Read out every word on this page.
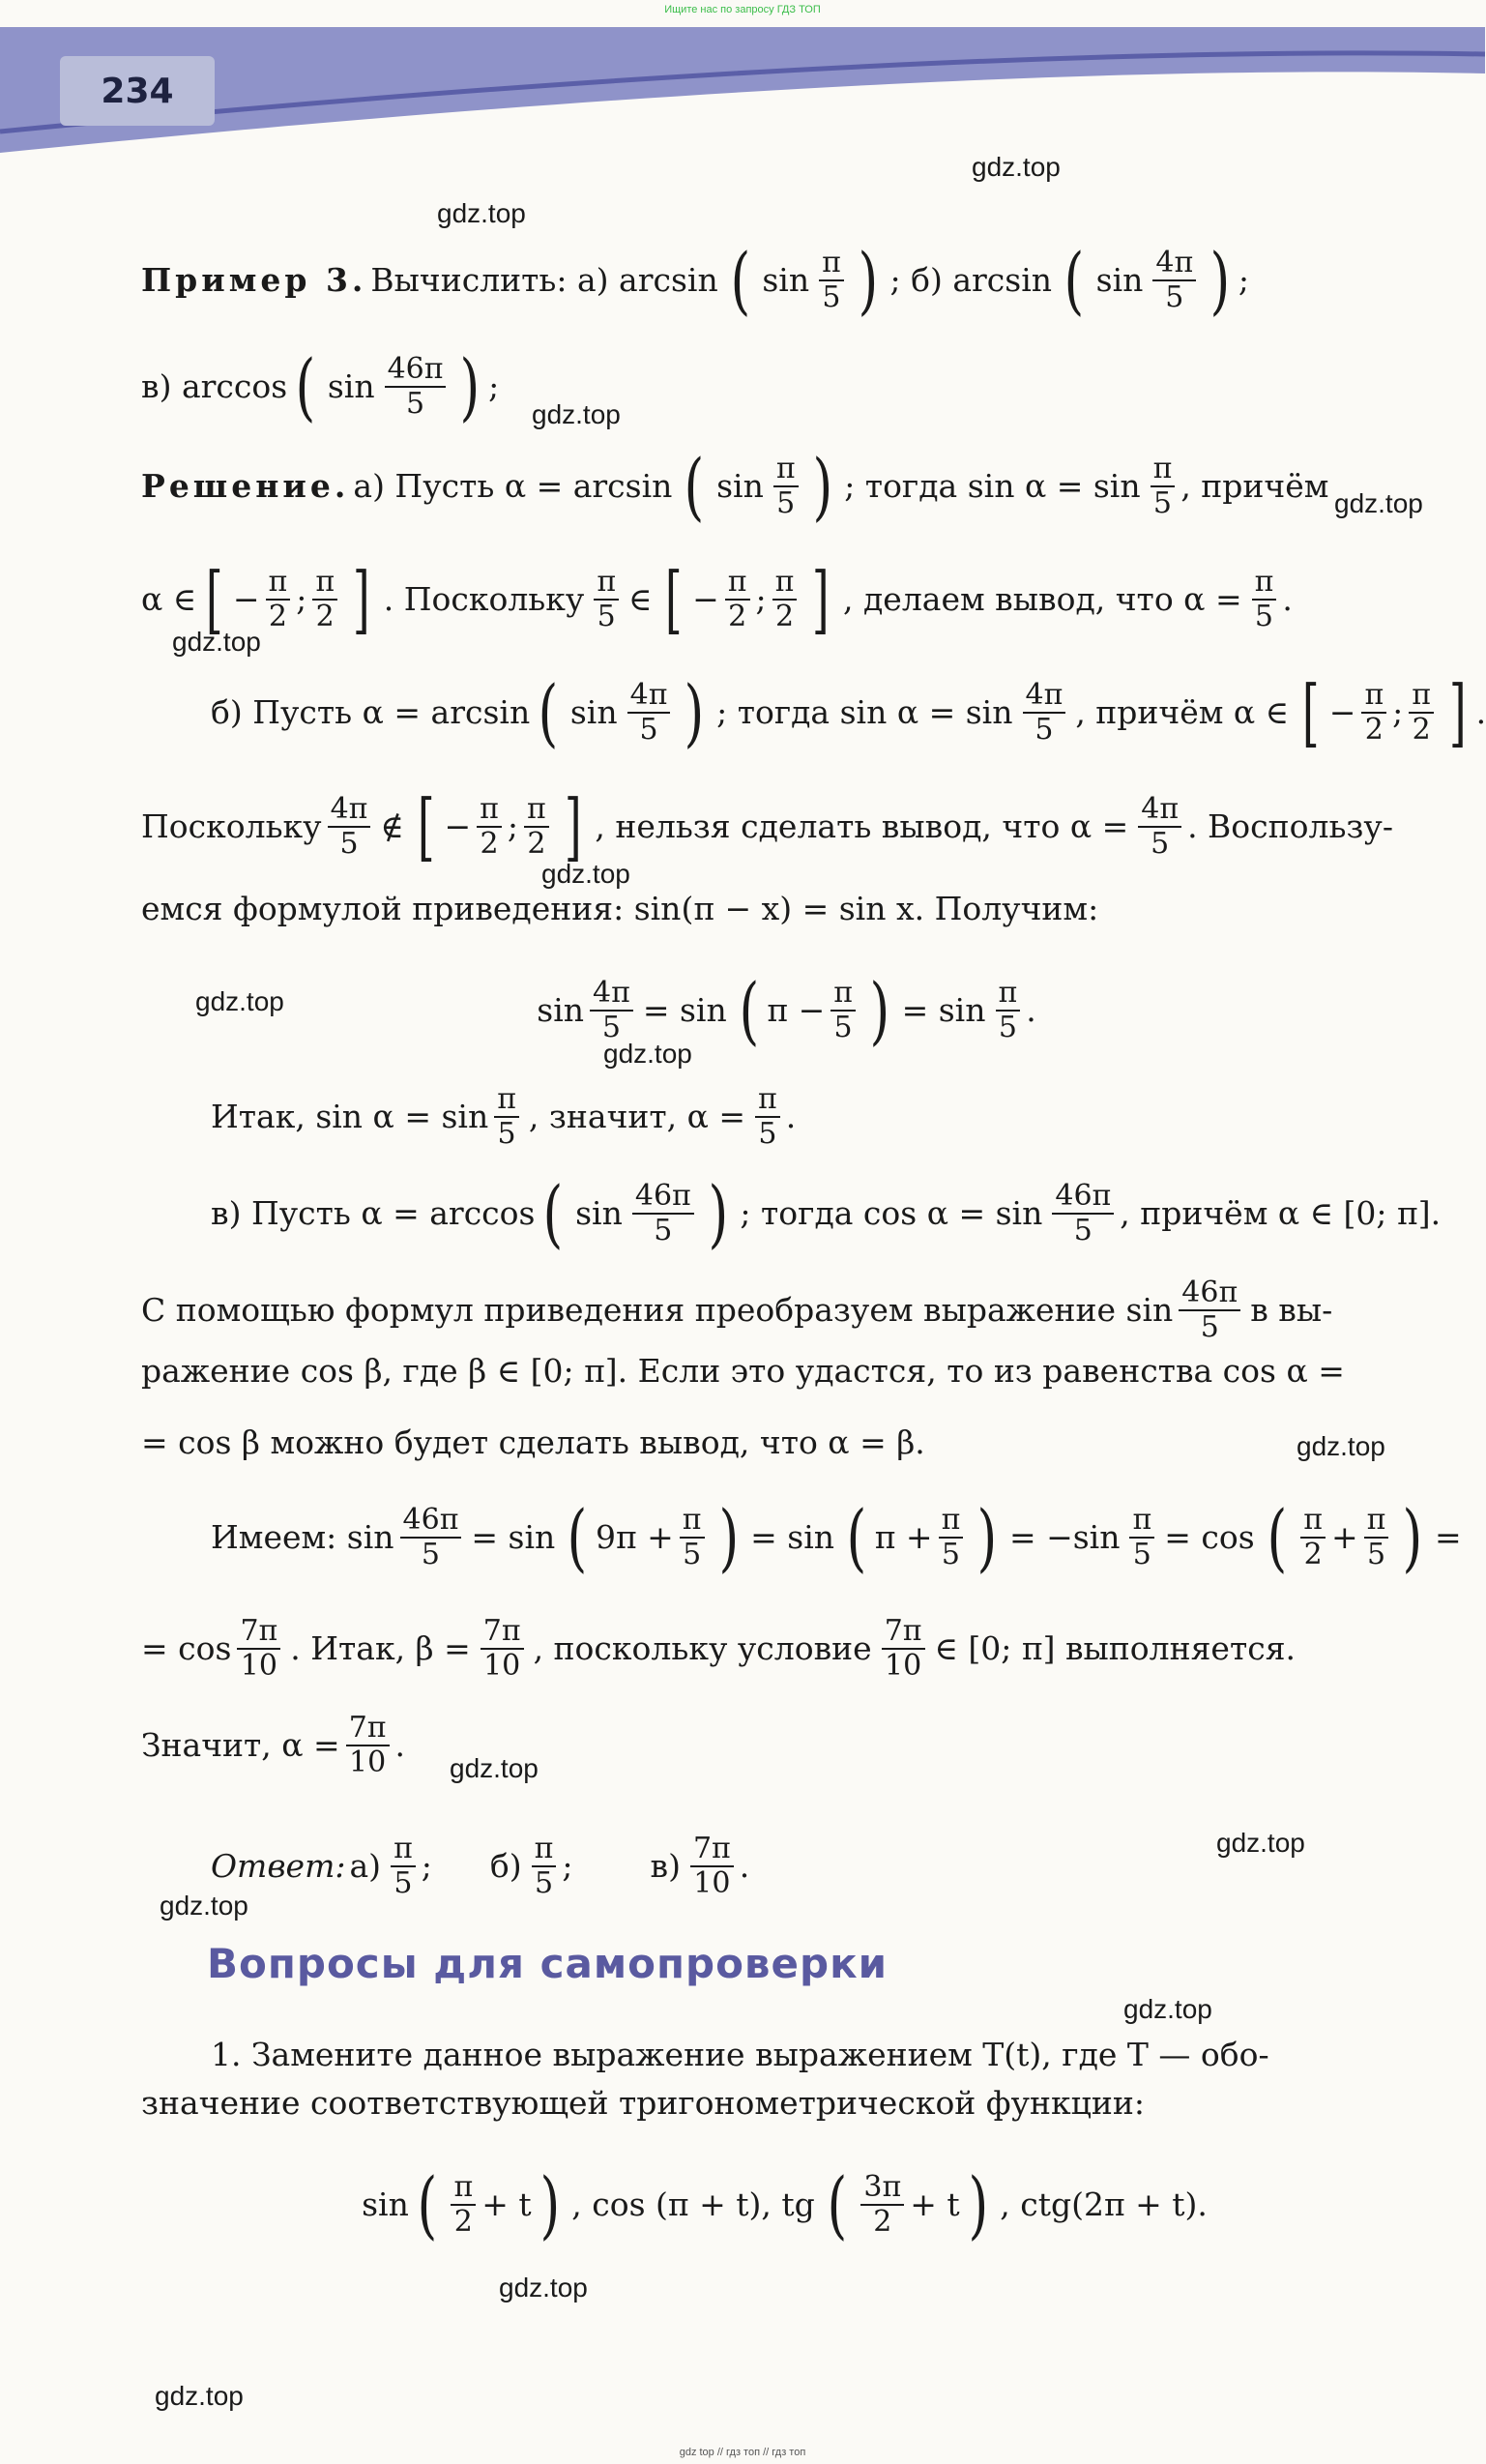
Ищите нас по запросу ГДЗ ТОП
234
Пример 3. Вычислить: а) arcsin ( $\sin \frac{\pi}{5}$ ) ; б) arcsin ( $\sin \frac{4\pi}{5}$ ) ;
в) arccos ( $\sin \frac{46\pi}{5}$ ) ;
Решение. а) Пусть α = arcsin ( $\sin \frac{\pi}{5}$ ) ; тогда $\sin \alpha = \sin \frac{\pi}{5}$ , причём
α ∈ [ − $\frac{\pi}{2}$ ; $\frac{\pi}{2}$ ] . Поскольку $\frac{\pi}{5}$ ∈ [ − $\frac{\pi}{2}$ ; $\frac{\pi}{2}$ ] , делаем вывод, что $\alpha = \frac{\pi}{5}$ .
б) Пусть α = arcsin ( $\sin \frac{4\pi}{5}$ ) ; тогда $\sin \alpha = \sin \frac{4\pi}{5}$ , причём α ∈ [ − $\frac{\pi}{2}$ ; $\frac{\pi}{2}$ ] .
Поскольку $\frac{4\pi}{5}$ ∉ [ − $\frac{\pi}{2}$ ; $\frac{\pi}{2}$ ] , нельзя сделать вывод, что $\alpha = \frac{4\pi}{5}$ . Воспользу-
емся формулой приведения: sin(π − x) = sin x. Получим:
$\sin \frac{4\pi}{5} = \sin$ ( $\pi - \frac{\pi}{5}$ ) = $\sin \frac{\pi}{5}$ .
Итак, $\sin \alpha = \sin \frac{\pi}{5}$ , значит, $\alpha = \frac{\pi}{5}$ .
в) Пусть α = arccos ( $\sin \frac{46\pi}{5}$ ) ; тогда $\cos \alpha = \sin \frac{46\pi}{5}$ , причём α ∈ [0; π].
С помощью формул приведения преобразуем выражение $\sin \frac{46\pi}{5}$ в вы-
ражение cos β, где β ∈ [0; π]. Если это удастся, то из равенства cos α =
= cos β можно будет сделать вывод, что α = β.
Имеем: $\sin \frac{46\pi}{5} = \sin$ ( $9\pi + \frac{\pi}{5}$ ) = sin ( $\pi + \frac{\pi}{5}$ ) = $-\sin \frac{\pi}{5} = \cos$ ( $\frac{\pi}{2} + \frac{\pi}{5}$ ) =
= $\cos \frac{7\pi}{10}$ . Итак, $\beta = \frac{7\pi}{10}$ , поскольку условие $\frac{7\pi}{10}$ ∈ [0; π] выполняется.
Значит, $\alpha = \frac{7\pi}{10}$ .
Ответ: $а) \frac{\pi}{5}$ ; $б) \frac{\pi}{5}$ ; $в) \frac{7\pi}{10}$ .
1. Замените данное выражение выражением T(t), где T — обо-
значение соответствующей тригонометрической функции:
sin ( $\frac{\pi}{2} + t$ ) , cos (π + t), tg ( $\frac{3\pi}{2} + t$ ) , ctg(2π + t).
Вопросы для самопроверки
gdz.top
gdz.top
gdz.top
gdz.top
gdz.top
gdz.top
gdz.top
gdz.top
gdz.top
gdz.top
gdz.top
gdz.top
gdz.top
gdz.top
gdz.top
gdz top // гдз топ // гдз топ
